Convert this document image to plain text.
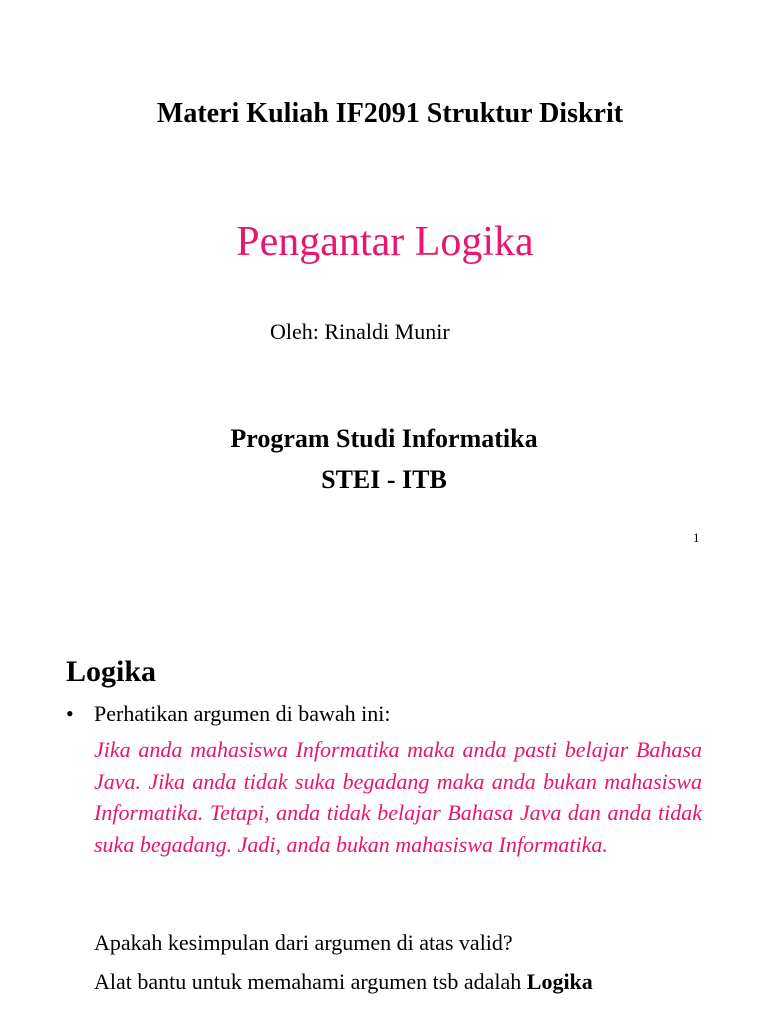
Materi Kuliah IF2091 Struktur Diskrit
Pengantar Logika
Oleh: Rinaldi Munir
Program Studi Informatika
STEI - ITB
1
Logika
• Perhatikan argumen di bawah ini:

Jika anda mahasiswa Informatika maka anda pasti belajar Bahasa Java. Jika anda tidak suka begadang maka anda bukan mahasiswa Informatika. Tetapi, anda tidak belajar Bahasa Java dan anda tidak suka begadang. Jadi, anda bukan mahasiswa Informatika.

Apakah kesimpulan dari argumen di atas valid?
Alat bantu untuk memahami argumen tsb adalah Logika
